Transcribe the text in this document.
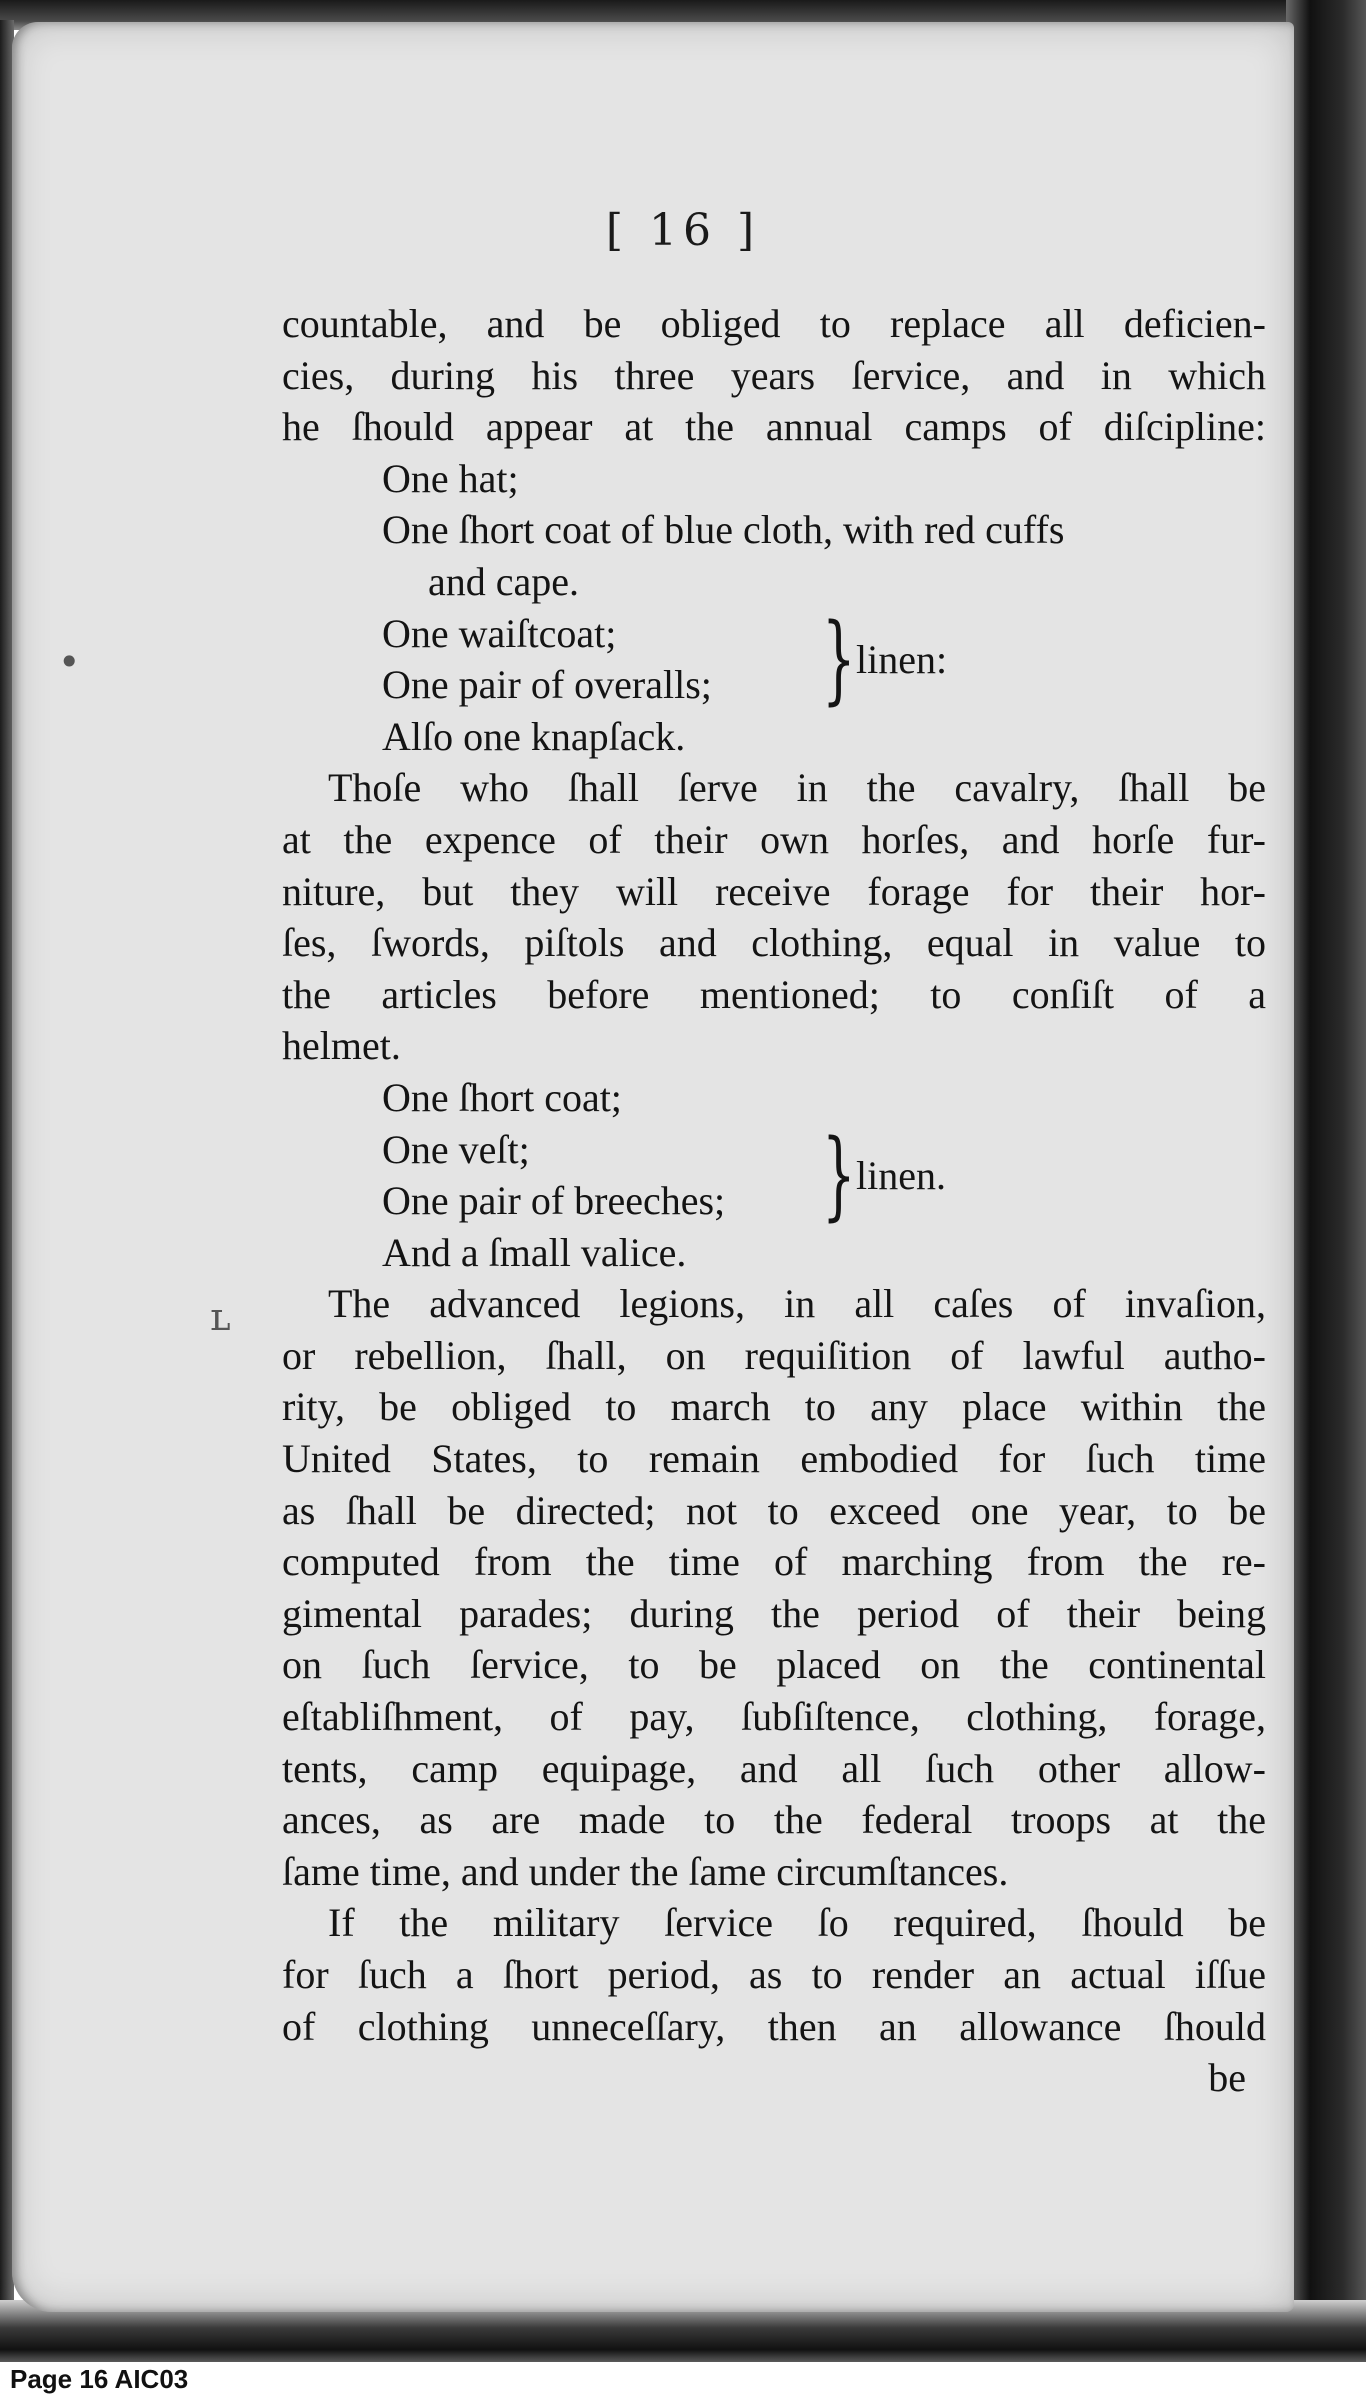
[ 16 ]
•
ʟ
countable, and be obliged to replace all deficien-
cies, during his three years ſervice, and in which
he ſhould appear at the annual camps of diſcipline:
One hat;
One ſhort coat of blue cloth, with red cuffs
and cape.
One waiſtcoat;
One pair of overalls;	} linen:
Alſo one knapſack.
Thoſe who ſhall ſerve in the cavalry, ſhall be
at the expence of their own horſes, and horſe fur-
niture, but they will receive forage for their hor-
ſes, ſwords, piſtols and clothing, equal in value to
the articles before mentioned; to conſiſt of a
helmet.
One ſhort coat;
One veſt;
One pair of breeches;	} linen.
And a ſmall valice.
The advanced legions, in all caſes of invaſion,
or rebellion, ſhall, on requiſition of lawful autho-
rity, be obliged to march to any place within the
United States, to remain embodied for ſuch time
as ſhall be directed; not to exceed one year, to be
computed from the time of marching from the re-
gimental parades; during the period of their being
on ſuch ſervice, to be placed on the continental
eſtabliſhment, of pay, ſubſiſtence, clothing, forage,
tents, camp equipage, and all ſuch other allow-
ances, as are made to the federal troops at the
ſame time, and under the ſame circumſtances.
If the military ſervice ſo required, ſhould be
for ſuch a ſhort period, as to render an actual iſſue
of clothing unneceſſary, then an allowance ſhould
be
Page 16 AIC03
